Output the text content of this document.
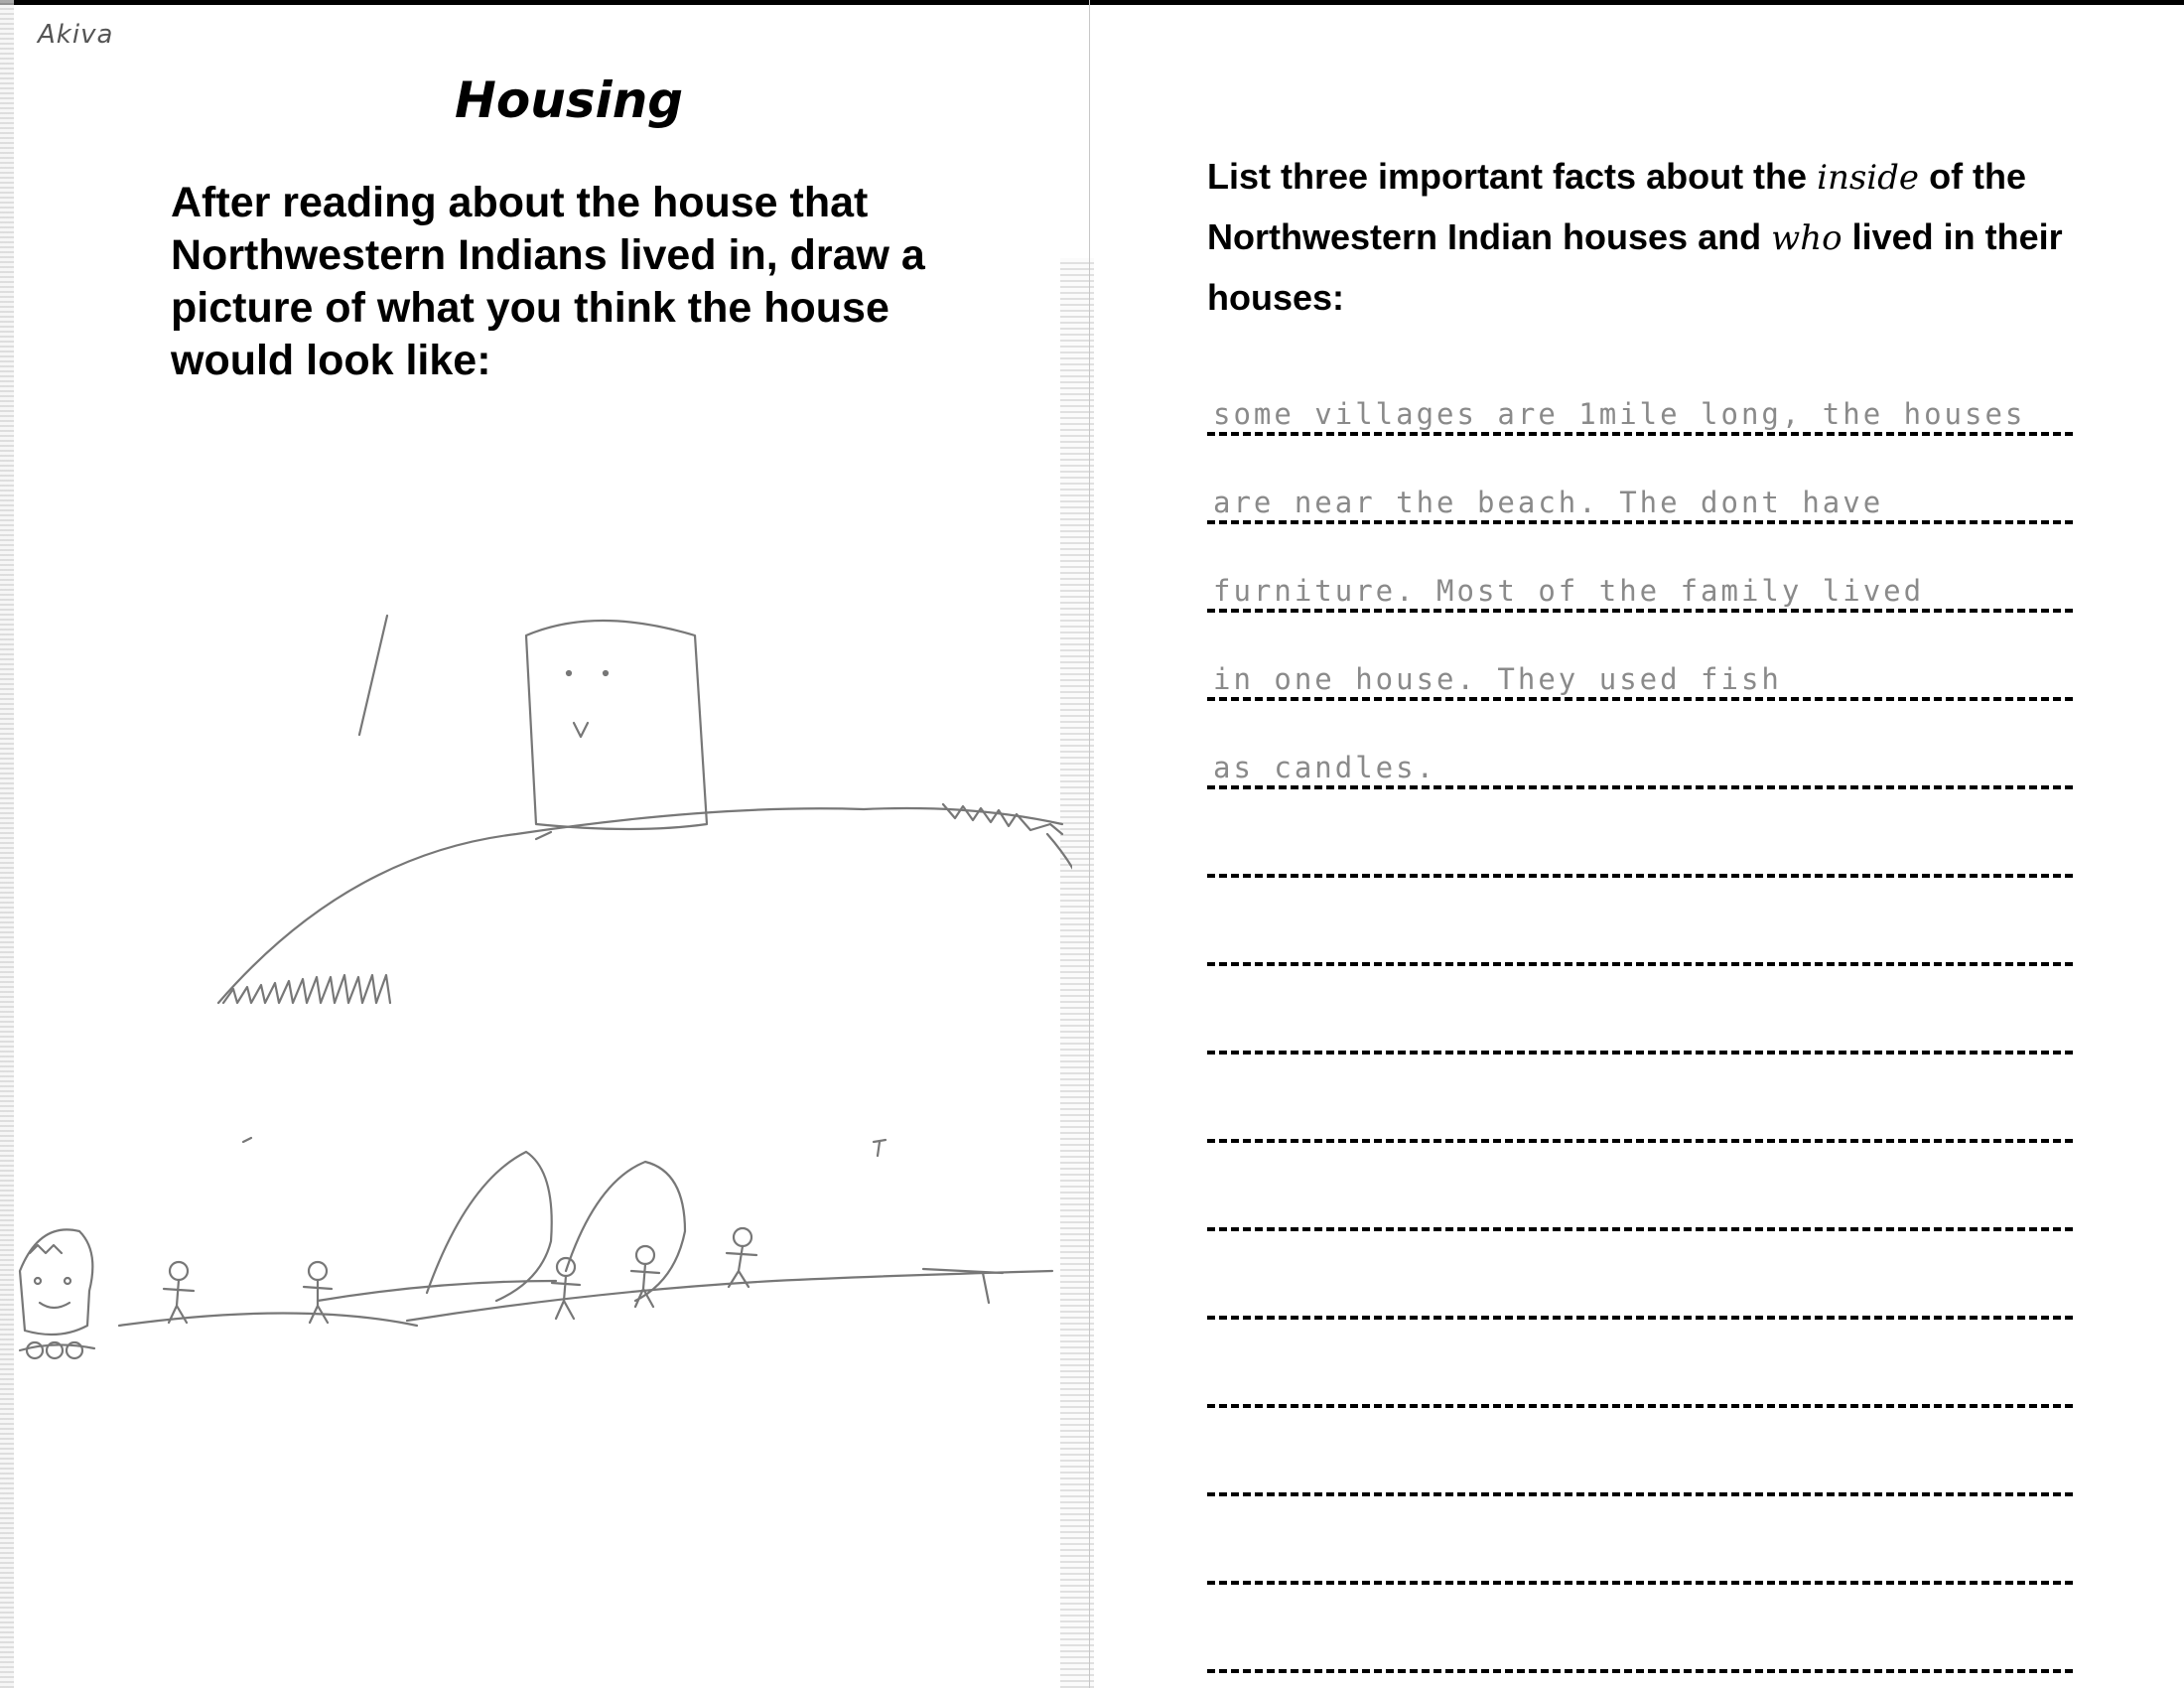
Akiva
Housing
After reading about the house that Northwestern Indians lived in, draw a picture of what you think the house would look like:
List three important facts about the inside of the Northwestern Indian houses and who lived in their houses:
some villages are 1mile long, the houses
are near the beach. The dont have
furniture. Most of the family lived
in one house. They used fish
as candles.
